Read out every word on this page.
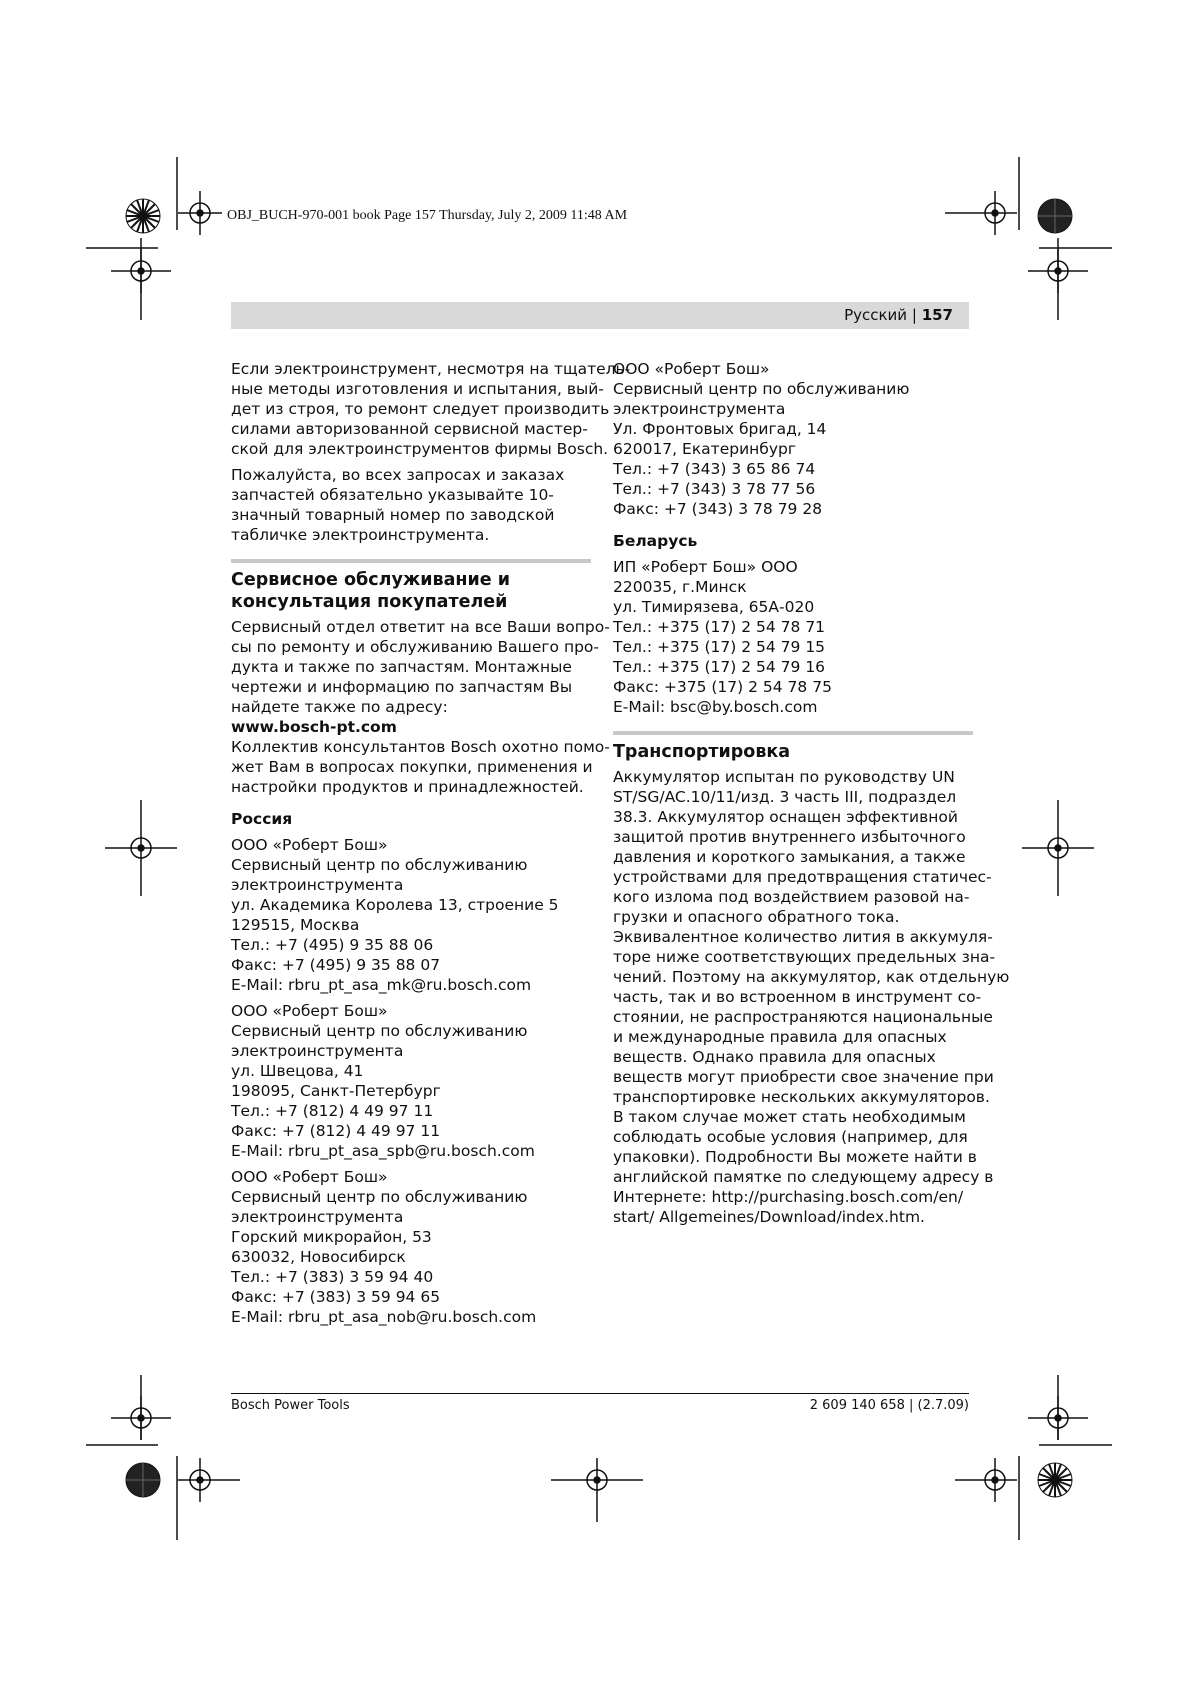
OBJ_BUCH-970-001 book Page 157 Thursday, July 2, 2009 11:48 AM
Русский | 157

Если электроинструмент, несмотря на тщатель-
ные методы изготовления и испытания, вый-
дет из строя, то ремонт следует производить
силами авторизованной сервисной мастер-
ской для электроинструментов фирмы Bosch.

Пожалуйста, во всех запросах и заказах
запчастей обязательно указывайте 10-
значный товарный номер по заводской
табличке электроинструмента.

Сервисное обслуживание и
консультация покупателей
Сервисный отдел ответит на все Ваши вопро-
сы по ремонту и обслуживанию Вашего про-
дукта и также по запчастям. Монтажные
чертежи и информацию по запчастям Вы
найдете также по адресу:
www.bosch-pt.com
Коллектив консультантов Bosch охотно помо-
жет Вам в вопросах покупки, применения и
настройки продуктов и принадлежностей.
Россия
ООО «Роберт Бош»
Сервисный центр по обслуживанию
электроинструмента
ул. Академика Королева 13, строение 5
129515, Москва
Тел.: +7 (495) 9 35 88 06
Факс: +7 (495) 9 35 88 07
E-Mail: rbru_pt_asa_mk@ru.bosch.com
ООО «Роберт Бош»
Сервисный центр по обслуживанию
электроинструмента
ул. Швецова, 41
198095, Санкт-Петербург
Тел.: +7 (812) 4 49 97 11
Факс: +7 (812) 4 49 97 11
E-Mail: rbru_pt_asa_spb@ru.bosch.com
ООО «Роберт Бош»
Сервисный центр по обслуживанию
электроинструмента
Горский микрорайон, 53
630032, Новосибирск
Тел.: +7 (383) 3 59 94 40
Факс: +7 (383) 3 59 94 65
E-Mail: rbru_pt_asa_nob@ru.bosch.com
ООО «Роберт Бош»
Сервисный центр по обслуживанию
электроинструмента
Ул. Фронтовых бригад, 14
620017, Екатеринбург
Тел.: +7 (343) 3 65 86 74
Тел.: +7 (343) 3 78 77 56
Факс: +7 (343) 3 78 79 28
Беларусь
ИП «Роберт Бош» ООО
220035, г.Минск
ул. Тимирязева, 65А-020
Тел.: +375 (17) 2 54 78 71
Тел.: +375 (17) 2 54 79 15
Тел.: +375 (17) 2 54 79 16
Факс: +375 (17) 2 54 78 75
E-Mail: bsc@by.bosch.com
Транспортировка
Аккумулятор испытан по руководству UN
ST/SG/AC.10/11/изд. 3 часть III, подраздел
38.3. Аккумулятор оснащен эффективной
защитой против внутреннего избыточного
давления и короткого замыкания, а также
устройствами для предотвращения статичес-
кого излома под воздействием разовой на-
грузки и опасного обратного тока.
Эквивалентное количество лития в аккумуля-
торе ниже соответствующих предельных зна-
чений. Поэтому на аккумулятор, как отдельную
часть, так и во встроенном в инструмент со-
стоянии, не распространяются национальные
и международные правила для опасных
веществ. Однако правила для опасных
веществ могут приобрести свое значение при
транспортировке нескольких аккумуляторов.
В таком случае может стать необходимым
соблюдать особые условия (например, для
упаковки). Подробности Вы можете найти в
английской памятке по следующему адресу в
Интернете: http://purchasing.bosch.com/en/
start/ Allgemeines/Download/index.htm.
Bosch Power Tools	2 609 140 658 | (2.7.09)
